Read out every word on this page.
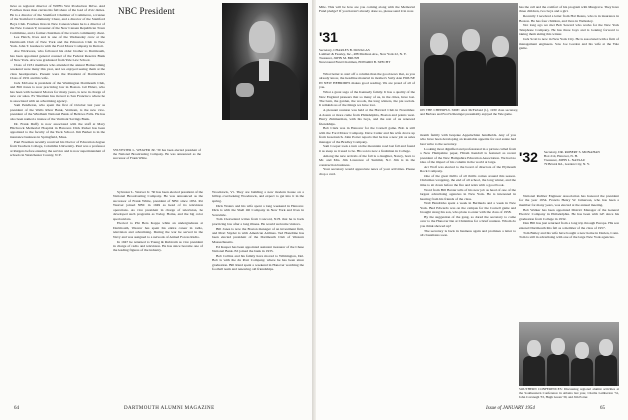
NBC President

lieve as regional director of WPB's War Production Drive. And Fowlkes more than carries his full share of the load of civic duties. He is a director of the Stamford Chamber of Commerce, a trustee of the Stamford Community Chest, and a director of the Stamford Boys Club. Fowlkes lives in New Canaan where he is a director of the New Canaan Y, treasurer of the New Canaan Republican Town Committee, and a former chairman of the town's community chest.

Lee Hatch, lives and is one of the Wednesday crew at the Dartmouth Club of New York and the Princeton Club in New York. John T. Gushee is with the Ford Motor Company in Detroit.

Ave Wickware, who followed his older brother to Dartmouth, has been appointed general counsel of the Federal Reserve Bank of New York. Ave was graduated from Yale Law School.

Class of 1931 members who attended the annual Homecoming weekend were many this year, and we enjoyed seeing them at the class headquarters. Present were the President of Dartmouth's Class of 1931 and his wife.

Jack McLane is president of the Washington Dartmouth Club, and Bill Jones is now practicing law in Boston. Gil Ehlert, who has been with General Motors for many years, is now in charge of new car sales. Ev Sherman has moved to San Francisco where he is associated with an advertising agency.

Sam Pendleton, who spent the first of October last year as president of the Wells River Bank, Vermont, is the new vice-president of the Windham National Bank of Bellows Falls. He has also been named a trustee of the Vermont Savings Bank.

Dr. Frank Duffy is now associated with the staff at Mary Hitchcock Memorial Hospital in Hanover. Dick Parker has been appointed to the faculty of the Tuck School. Jim Barker is in the insurance business in Springfield, Mass.

Paul Freeman recently received his Doctor of Education degree from Teachers College, Columbia University. Paul was a professor at Rutgers before entering the service and is now superintendent of schools in Westchester County, N.Y.

SYLVESTER L. WEAVER JR. '30 has been elected president of the National Broadcasting Company. He was announced as the successor of Frank White.

Sylvester L. Weaver Jr. '30 has been elected president of the National Broadcasting Company. He was announced as the successor of Frank White, president of NBC since 1952. Pat Weaver joined NBC in 1949 as head of its television operations. As vice president in charge of television, he developed such programs as Today, Home, and the big color spectaculars.

Elected to Phi Beta Kappa while an undergraduate at Dartmouth, Weaver has spent his entire career in radio, television and advertising. During the war he served in the Navy and was assigned to a network of Armed Forces Radio.

In 1947 he returned to Young & Rubicam as vice president in charge of radio and television. He has since become one of the leading figures of the industry.

Woodstock, Vt. They are building a new modern house on a hilltop overlooking Woodstock, and expect to get into it in the spring.

Dick Waters and his wife spent a long weekend in Hanover. Dick is with the Shell Oil Company in New York and lives in Scarsdale.

Tom Cleaveland writes from Concord, N.H. that he is back practicing law after a long illness. He would welcome visitors.

Bill Jones is now the Boston manager of an investment firm, and Mort Snyder is with American Airlines. Ted Hazeltine has been elected president of the Dartmouth Club of Western Massachusetts.

Ed Kasper has been appointed assistant treasurer of the Chase National Bank. Ed joined the bank in 1935.

Bob Collins and his family have moved to Wilmington, Del. Bob is with the du Pont Company, where he has been since graduation. Bill Rand spent a weekend in Hanover watching the football team and renewing old friendships.

64	DARTMOUTH ALUMNI MAGAZINE

Mile. This will be how are you coming along with the Memorial Fund pledge? If you haven't already done so, please send it in now.

'31 Secretary, CHARLES B. DOUGLAS
Lambert & Feasley, Inc., 488 Madison Ave., New York 22, N. Y.
Treasurer, JOHN M. BRUSH
Newsround Fund Chairman, EDWARD B. SPECHT

What better to start off a column than the good news that, as you already know, the headline material in mother's Sally Ann HOUSE IN NEW HEBRIDES makes good reading. We are proud of all of you.

What a great saga of the Kennedy family. It has a quality of the New England pioneers that so many of us, in the cities, have lost. The barn, the garden, the woods, the long winters, the pie socials. It reminds us of the things we have lost.

A pleasant reunion was held at the Harvard Club in November. A dozen or more came from Philadelphia, Boston and points west. Harry Zimmerman, with his boys, and the rest of us renewed friendships.

Bob Clark was in Hanover for the Cornell game. Bob is still with the Ford Motor Company. Dave Cutler and his wife drove up from Greenwich. John Porter reports that he has a new job as sales manager of the Bradley Company.

Sam Cooper took a turn on the mountain road last fall and found it as steep as it used to be. His son is now a freshman in College.

Among the new arrivals of the fall is a daughter, Nancy, born to Mr. and Mrs. Jim Lawrence of Summit, N.J. Jim is in the construction business.

Your secretary would appreciate news of your activities. Please drop a card.

ON THE CHEERFUL SIDE: Alex McFarland (l.), 1930 class secretary, and Barbara and Fred Schlesinger presumably enjoyed the Yale game.

month family with bespoke Appalachian handholds. Any of you who have been developing an insatiable appetite for real estate had best write to the secretary.

Looking most dignified and professional in a picture culled from a New Hampshire paper, Hiram Kendall is featured as recent president of the New Hampshire Education Association. We had no idea of the impact of his column in the world at large.

Art Wolf was elected to the board of directors of the Plymouth Rock Company.

One of the great thrills of all thrills comes around this season. Christmas wrapping, the end of all school, the long winter, and the time to sit down before the fire and relax with a good book.

Word from Bill Baxter tells of his new job as head of one of the largest advertising agencies in New York. He is interested in hearing from his friends of the class.

Walt Hendricks spent a week in Bermuda and a week in New York. Bud Edwards was on the campus for the Cornell game and brought along his son, who plans to enter with the class of 1958.

By the suggestion of the gang, so dared the secretary to come over to the Hanover Inn at Christmas for a brief reunion. Whom do you think showed up?

The secretary is back in business again and promises a letter to all classmates soon.

has the call and the comfort of his program with Musgrave. They have three children, two boys and a girl.

Recently I received a letter from Hal Deans, who is in insurance in Boston. He has four children, and lives in Wellesley.

Not long ago we met Bob Seward who works for the New York Telephone Company. He has three boys and is looking forward to taking them skiing this winter.

Jack Scott is now in New York City. He is associated with a firm of management engineers. Saw Joe Gordon and his wife at the Yale game.

'32 Secretary, DR. ROBERT S. MONAHAN
Box 214, Hanover, N. H.
Treasurer, JOHN L. NASSAU
79 Bristol Rd., Garden City, N. Y.

National Rubber Engineer Association has honored the president for the year 1954. Francis Henry W. Jamerson, who has been a member for many years, was elected at the annual meeting.

Bob Walker has been appointed District Manager of the General Electric Company in Philadelphia. He has been with GE since his graduation from College in 1932.

Dan Hill has just returned from a long trip through Europe. His son entered Dartmouth this fall as a member of the class of 1957.

Tom Bailey and his wife have bought a new home in Darien, Conn. Tom is still in advertising with one of the large New York agencies.

SOUTHERN CONFERENCES: Discussing regional alumni activities at the Southeastern Conference in Atlanta last year, Charlie Lamberton '31, John Cavanagh '33, Hugh Green '30, and Jim Porter.
Issue of JANUARY 1954	65
